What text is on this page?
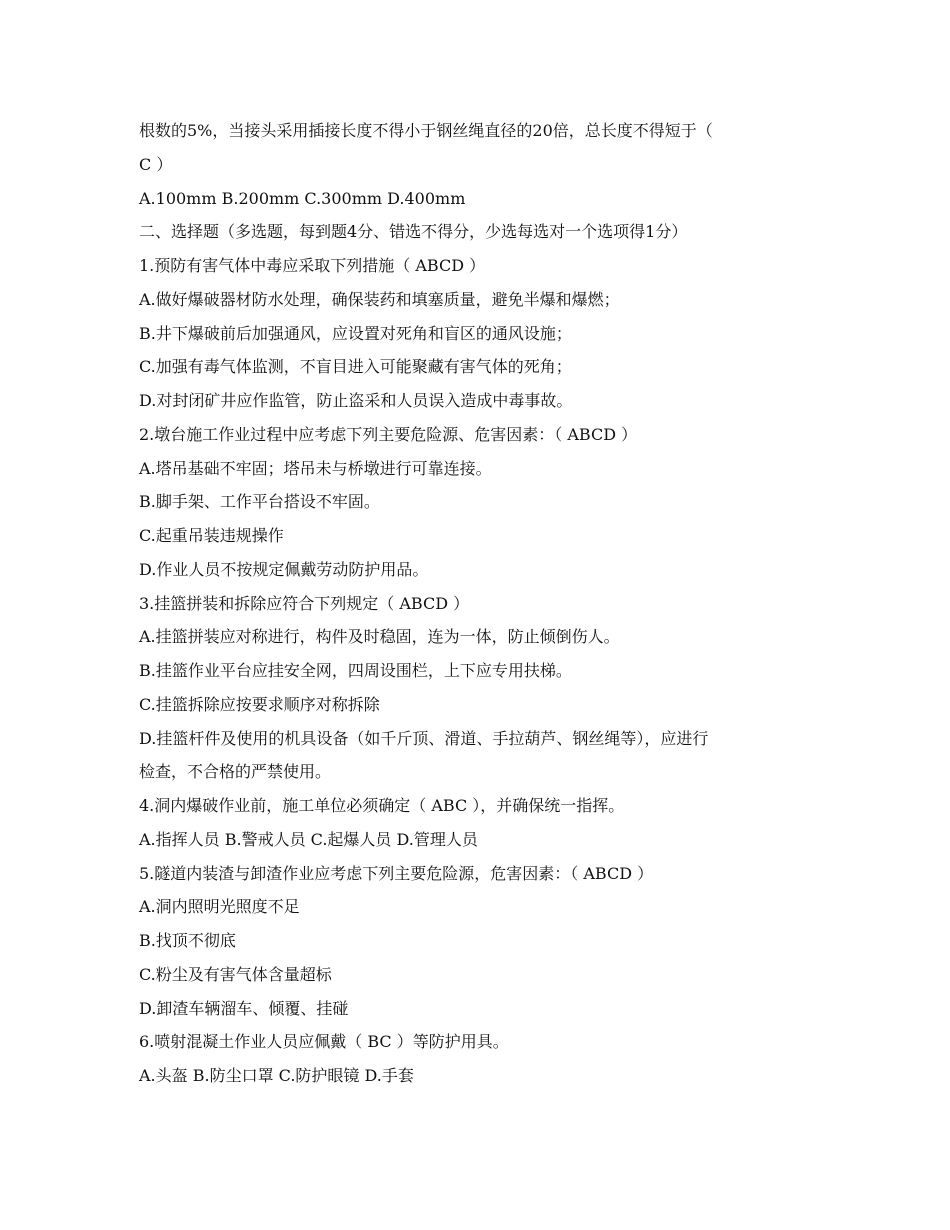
根数的5%，当接头采用插接长度不得小于钢丝绳直径的20倍，总长度不得短于（
C ）
A.100mm B.200mm C.300mm D.400mm
二、选择题（多选题，每到题4分、错选不得分，少选每选对一个选项得1分）
1.预防有害气体中毒应采取下列措施（ ABCD ）
A.做好爆破器材防水处理，确保装药和填塞质量，避免半爆和爆燃；
B.井下爆破前后加强通风，应设置对死角和盲区的通风设施；
C.加强有毒气体监测，不盲目进入可能聚藏有害气体的死角；
D.对封闭矿井应作监管，防止盗采和人员误入造成中毒事故。
2.墩台施工作业过程中应考虑下列主要危险源、危害因素：（ ABCD ）
A.塔吊基础不牢固；塔吊未与桥墩进行可靠连接。
B.脚手架、工作平台搭设不牢固。
C.起重吊装违规操作
D.作业人员不按规定佩戴劳动防护用品。
3.挂篮拼装和拆除应符合下列规定（ ABCD ）
A.挂篮拼装应对称进行，构件及时稳固，连为一体，防止倾倒伤人。
B.挂篮作业平台应挂安全网，四周设围栏，上下应专用扶梯。
C.挂篮拆除应按要求顺序对称拆除
D.挂篮杆件及使用的机具设备（如千斤顶、滑道、手拉葫芦、钢丝绳等），应进行
检查，不合格的严禁使用。
4.洞内爆破作业前，施工单位必须确定（ ABC ），并确保统一指挥。
A.指挥人员 B.警戒人员 C.起爆人员 D.管理人员
5.隧道内装渣与卸渣作业应考虑下列主要危险源，危害因素：（ ABCD ）
A.洞内照明光照度不足
B.找顶不彻底
C.粉尘及有害气体含量超标
D.卸渣车辆溜车、倾覆、挂碰
6.喷射混凝土作业人员应佩戴（ BC ）等防护用具。
A.头盔 B.防尘口罩 C.防护眼镜 D.手套
